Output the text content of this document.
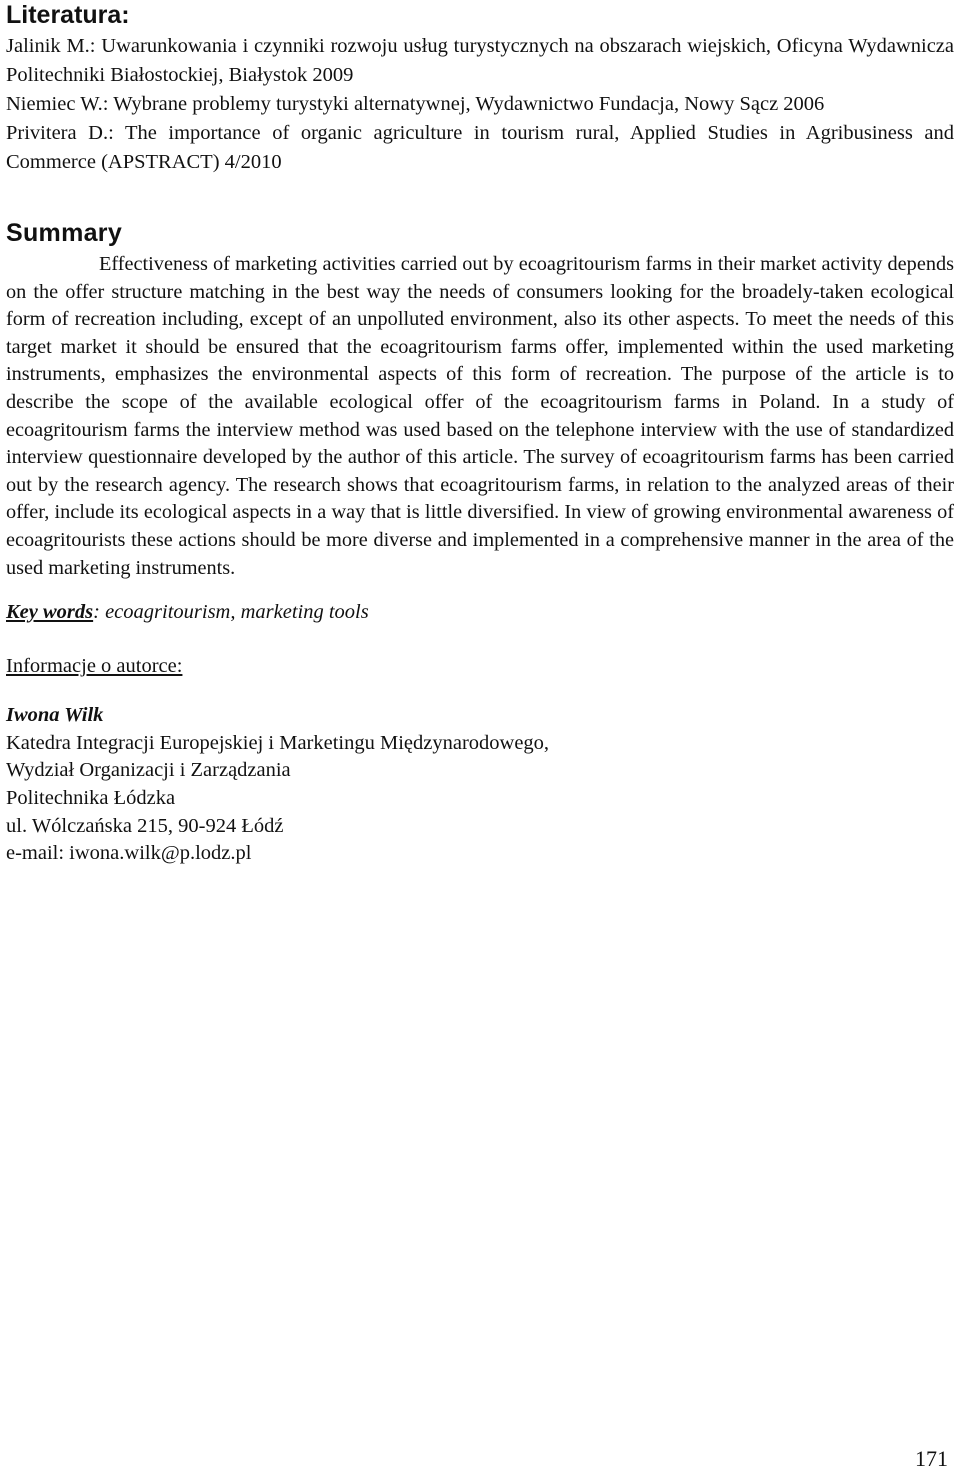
Literatura:

Jalinik M.: Uwarunkowania i czynniki rozwoju usług turystycznych na obszarach wiejskich, Oficyna Wydawnicza Politechniki Białostockiej, Białystok 2009

Niemiec W.: Wybrane problemy turystyki alternatywnej, Wydawnictwo Fundacja, Nowy Sącz 2006

Privitera D.: The importance of organic agriculture in tourism rural, Applied Studies in Agribusiness and Commerce (APSTRACT) 4/2010

Summary

Effectiveness of marketing activities carried out by ecoagritourism farms in their market activity depends on the offer structure matching in the best way the needs of consumers looking for the broadely-taken ecological form of recreation including, except of an unpolluted environment, also its other aspects. To meet the needs of this target market it should be ensured that the ecoagritourism farms offer, implemented within the used marketing instruments, emphasizes the environmental aspects of this form of recreation. The purpose of the article is to describe the scope of the available ecological offer of the ecoagritourism farms in Poland. In a study of ecoagritourism farms the interview method was used based on the telephone interview with the use of standardized interview questionnaire developed by the author of this article. The survey of ecoagritourism farms has been carried out by the research agency. The research shows that ecoagritourism farms, in relation to the analyzed areas of their offer, include its ecological aspects in a way that is little diversified. In view of growing environmental awareness of ecoagritourists these actions should be more diverse and implemented in a comprehensive manner in the area of the used marketing instruments.

Key words: ecoagritourism, marketing tools
Informacje o autorce:
Iwona Wilk
Katedra Integracji Europejskiej i Marketingu Międzynarodowego,
Wydział Organizacji i Zarządzania
Politechnika Łódzka
ul. Wólczańska 215, 90-924 Łódź
e-mail: iwona.wilk@p.lodz.pl
171
